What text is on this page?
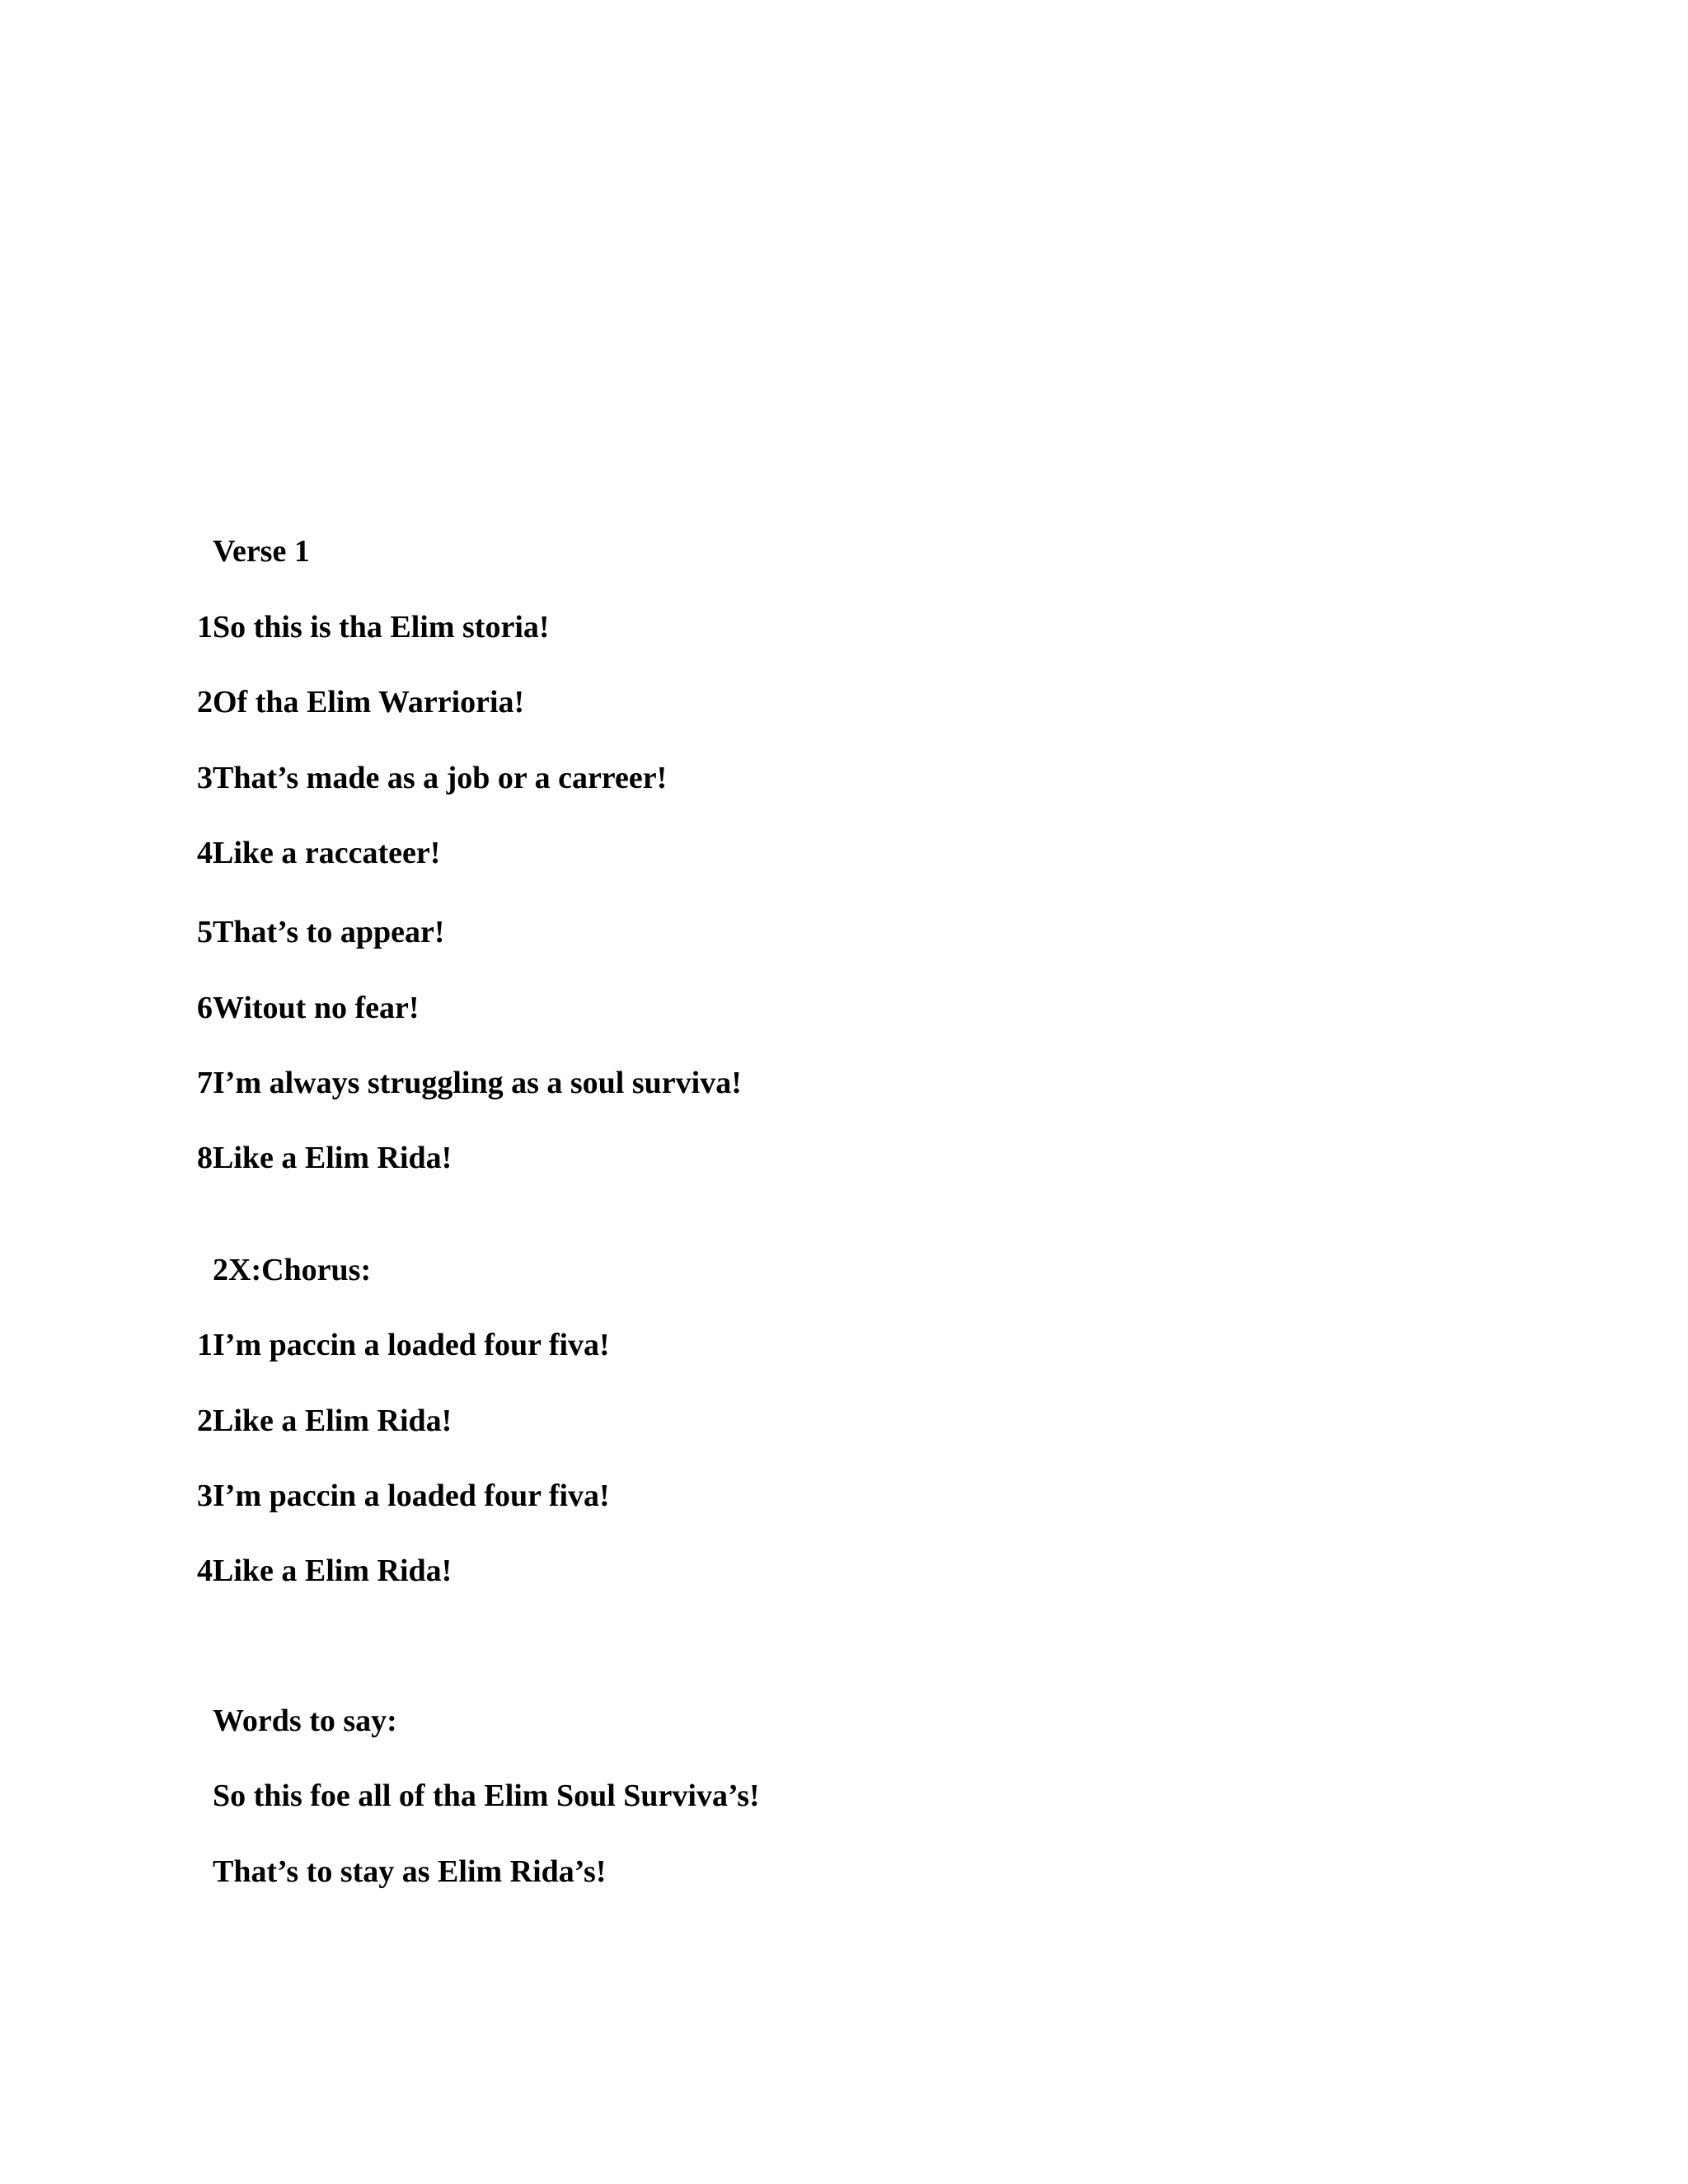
Verse 1

1So this is tha Elim storia!

2Of tha Elim Warrioria!

3That’s made as a job or a carreer!

4Like a raccateer!

5That’s to appear!

6Witout no fear!

7I’m always struggling as a soul surviva!

8Like a Elim Rida!

2X:Chorus:

1I’m paccin a loaded four fiva!

2Like a Elim Rida!

3I’m paccin a loaded four fiva!

4Like a Elim Rida!

Words to say:

So this foe all of tha Elim Soul Surviva’s!

That’s to stay as Elim Rida’s!
